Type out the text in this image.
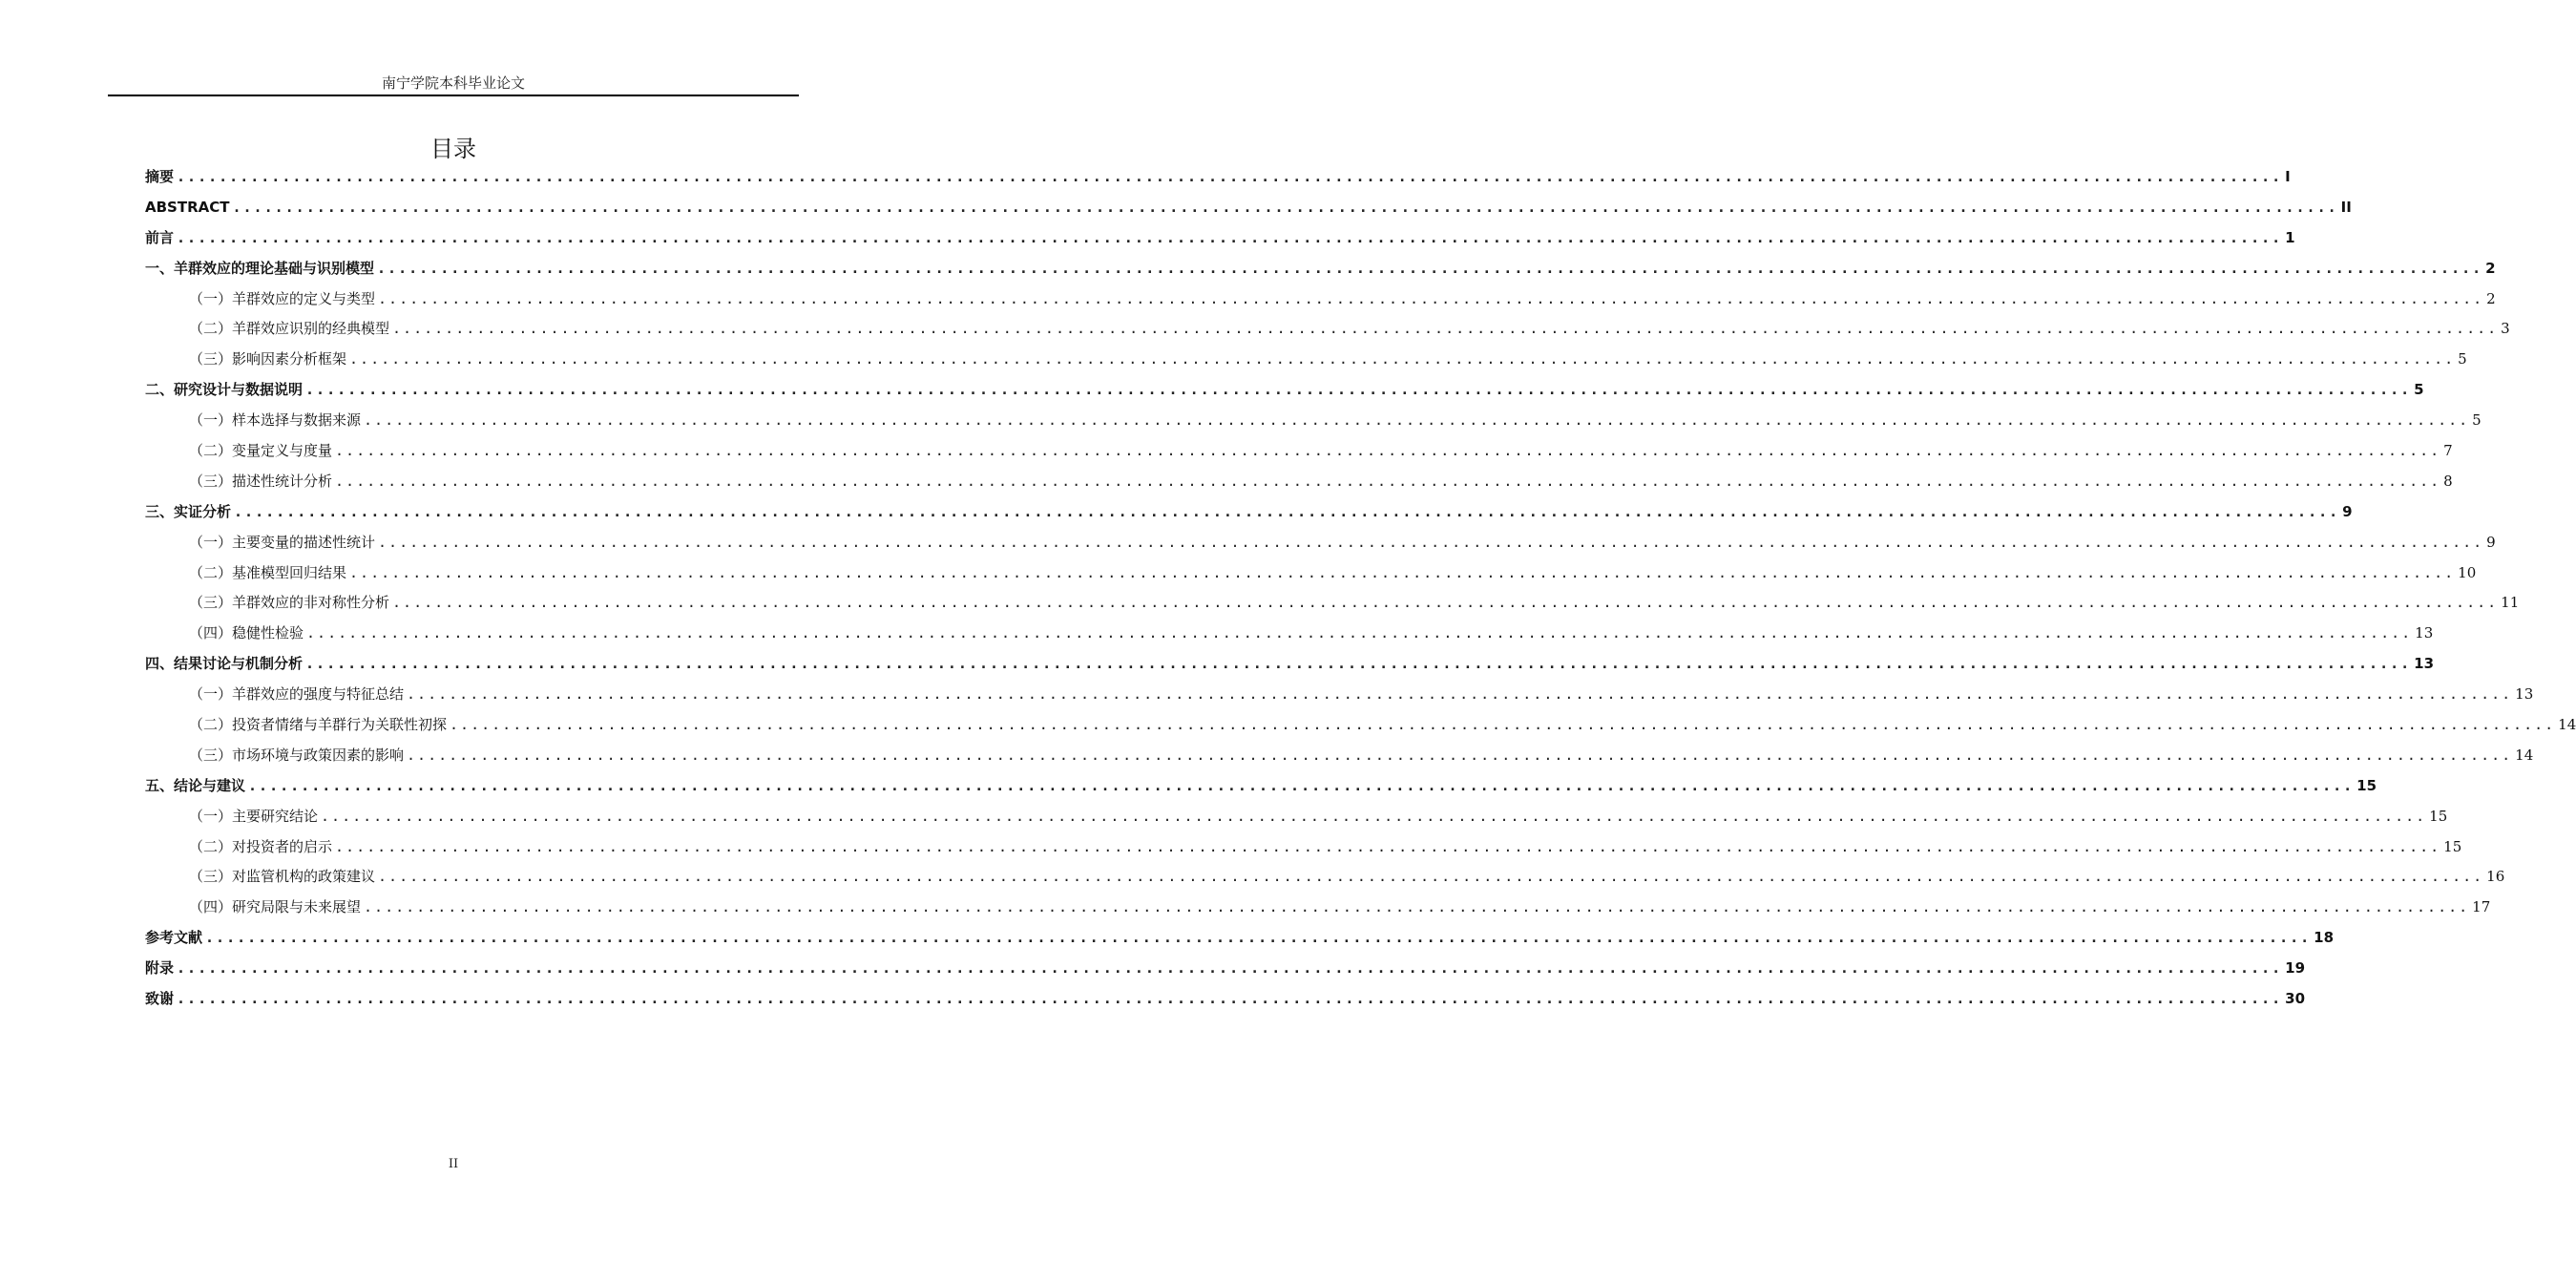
南宁学院本科毕业论文
目录
摘要 ........................................................................................................................................................................................................ I
ABSTRACT ........................................................................................................................................................................................................ II
前言 ........................................................................................................................................................................................................ 1
一、羊群效应的理论基础与识别模型 ........................................................................................................................................................................................................ 2
（一）羊群效应的定义与类型 ........................................................................................................................................................................................................ 2
（二）羊群效应识别的经典模型 ........................................................................................................................................................................................................ 3
（三）影响因素分析框架 ........................................................................................................................................................................................................ 5
二、研究设计与数据说明 ........................................................................................................................................................................................................ 5
（一）样本选择与数据来源 ........................................................................................................................................................................................................ 5
（二）变量定义与度量 ........................................................................................................................................................................................................ 7
（三）描述性统计分析 ........................................................................................................................................................................................................ 8
三、实证分析 ........................................................................................................................................................................................................ 9
（一）主要变量的描述性统计 ........................................................................................................................................................................................................ 9
（二）基准模型回归结果 ........................................................................................................................................................................................................ 10
（三）羊群效应的非对称性分析 ........................................................................................................................................................................................................ 11
（四）稳健性检验 ........................................................................................................................................................................................................ 13
四、结果讨论与机制分析 ........................................................................................................................................................................................................ 13
（一）羊群效应的强度与特征总结 ........................................................................................................................................................................................................ 13
（二）投资者情绪与羊群行为关联性初探 ........................................................................................................................................................................................................ 14
（三）市场环境与政策因素的影响 ........................................................................................................................................................................................................ 14
五、结论与建议 ........................................................................................................................................................................................................ 15
（一）主要研究结论 ........................................................................................................................................................................................................ 15
（二）对投资者的启示 ........................................................................................................................................................................................................ 15
（三）对监管机构的政策建议 ........................................................................................................................................................................................................ 16
（四）研究局限与未来展望 ........................................................................................................................................................................................................ 17
参考文献 ........................................................................................................................................................................................................ 18
附录 ........................................................................................................................................................................................................ 19
致谢 ........................................................................................................................................................................................................ 30
II
